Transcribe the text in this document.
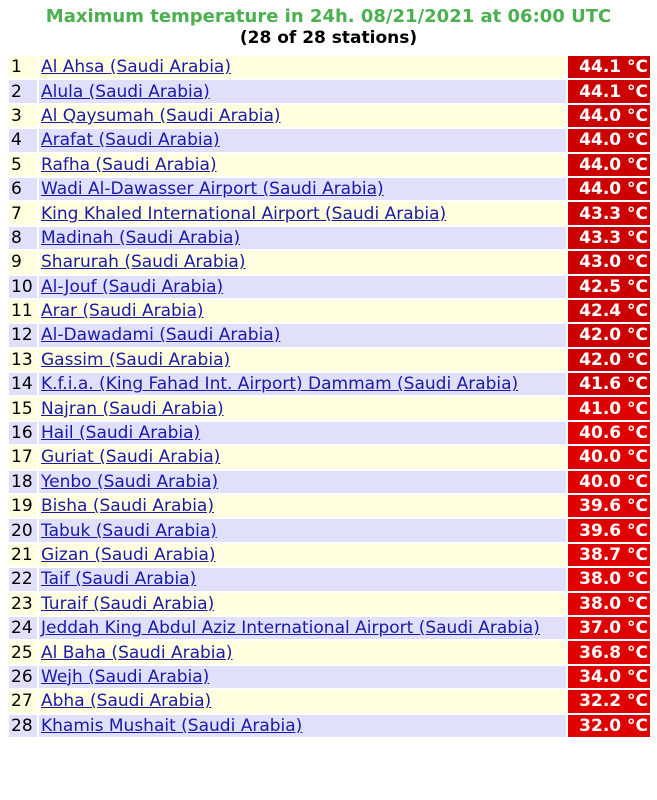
Maximum temperature in 24h. 08/21/2021 at 06:00 UTC
(28 of 28 stations)
1	Al Ahsa (Saudi Arabia)	44.1 °C
2	Alula (Saudi Arabia)	44.1 °C
3	Al Qaysumah (Saudi Arabia)	44.0 °C
4	Arafat (Saudi Arabia)	44.0 °C
5	Rafha (Saudi Arabia)	44.0 °C
6	Wadi Al-Dawasser Airport (Saudi Arabia)	44.0 °C
7	King Khaled International Airport (Saudi Arabia)	43.3 °C
8	Madinah (Saudi Arabia)	43.3 °C
9	Sharurah (Saudi Arabia)	43.0 °C
10	Al-Jouf (Saudi Arabia)	42.5 °C
11	Arar (Saudi Arabia)	42.4 °C
12	Al-Dawadami (Saudi Arabia)	42.0 °C
13	Gassim (Saudi Arabia)	42.0 °C
14	K.f.i.a. (King Fahad Int. Airport) Dammam (Saudi Arabia)	41.6 °C
15	Najran (Saudi Arabia)	41.0 °C
16	Hail (Saudi Arabia)	40.6 °C
17	Guriat (Saudi Arabia)	40.0 °C
18	Yenbo (Saudi Arabia)	40.0 °C
19	Bisha (Saudi Arabia)	39.6 °C
20	Tabuk (Saudi Arabia)	39.6 °C
21	Gizan (Saudi Arabia)	38.7 °C
22	Taif (Saudi Arabia)	38.0 °C
23	Turaif (Saudi Arabia)	38.0 °C
24	Jeddah King Abdul Aziz International Airport (Saudi Arabia)	37.0 °C
25	Al Baha (Saudi Arabia)	36.8 °C
26	Wejh (Saudi Arabia)	34.0 °C
27	Abha (Saudi Arabia)	32.2 °C
28	Khamis Mushait (Saudi Arabia)	32.0 °C
